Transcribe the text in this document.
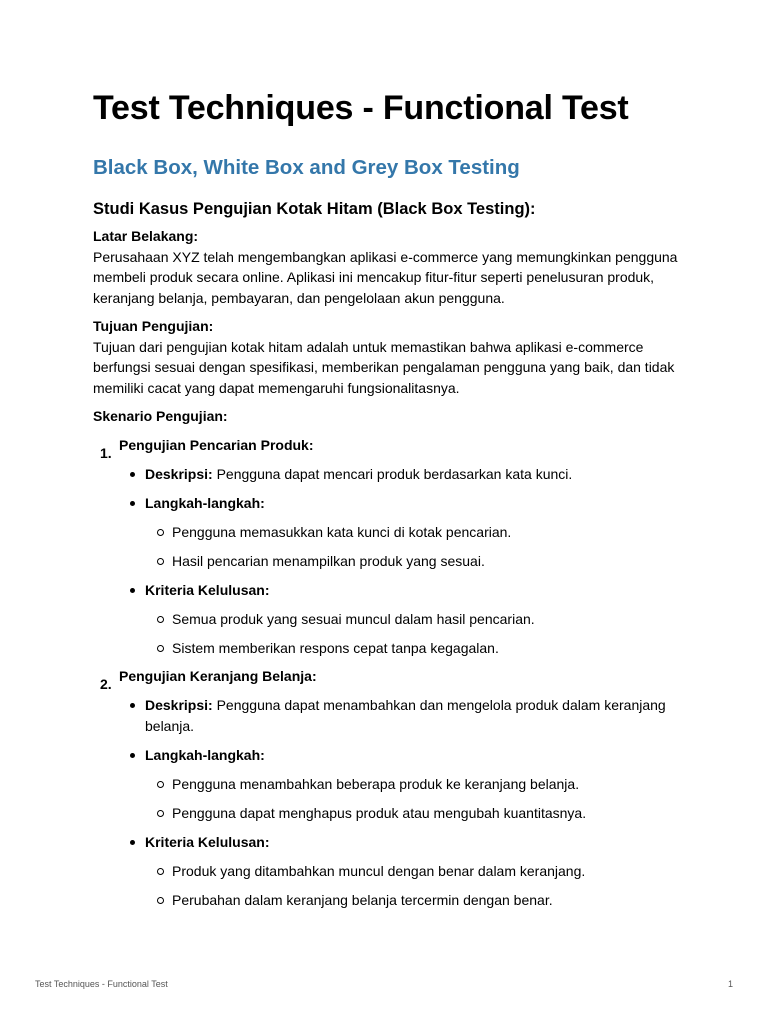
Test Techniques - Functional Test
Black Box, White Box and Grey Box Testing
Studi Kasus Pengujian Kotak Hitam (Black Box Testing):

Latar Belakang:

Perusahaan XYZ telah mengembangkan aplikasi e-commerce yang memungkinkan pengguna membeli produk secara online. Aplikasi ini mencakup fitur-fitur seperti penelusuran produk, keranjang belanja, pembayaran, dan pengelolaan akun pengguna.

Tujuan Pengujian:

Tujuan dari pengujian kotak hitam adalah untuk memastikan bahwa aplikasi e-commerce berfungsi sesuai dengan spesifikasi, memberikan pengalaman pengguna yang baik, dan tidak memiliki cacat yang dapat memengaruhi fungsionalitasnya.

Skenario Pengujian:

1. Pengujian Pencarian Produk:
Deskripsi: Pengguna dapat mencari produk berdasarkan kata kunci.
Langkah-langkah:
Pengguna memasukkan kata kunci di kotak pencarian.
Hasil pencarian menampilkan produk yang sesuai.
Kriteria Kelulusan:
Semua produk yang sesuai muncul dalam hasil pencarian.
Sistem memberikan respons cepat tanpa kegagalan.
2. Pengujian Keranjang Belanja:
Deskripsi: Pengguna dapat menambahkan dan mengelola produk dalam keranjang belanja.
Langkah-langkah:
Pengguna menambahkan beberapa produk ke keranjang belanja.
Pengguna dapat menghapus produk atau mengubah kuantitasnya.
Kriteria Kelulusan:
Produk yang ditambahkan muncul dengan benar dalam keranjang.
Perubahan dalam keranjang belanja tercermin dengan benar.
Test Techniques - Functional Test	1
